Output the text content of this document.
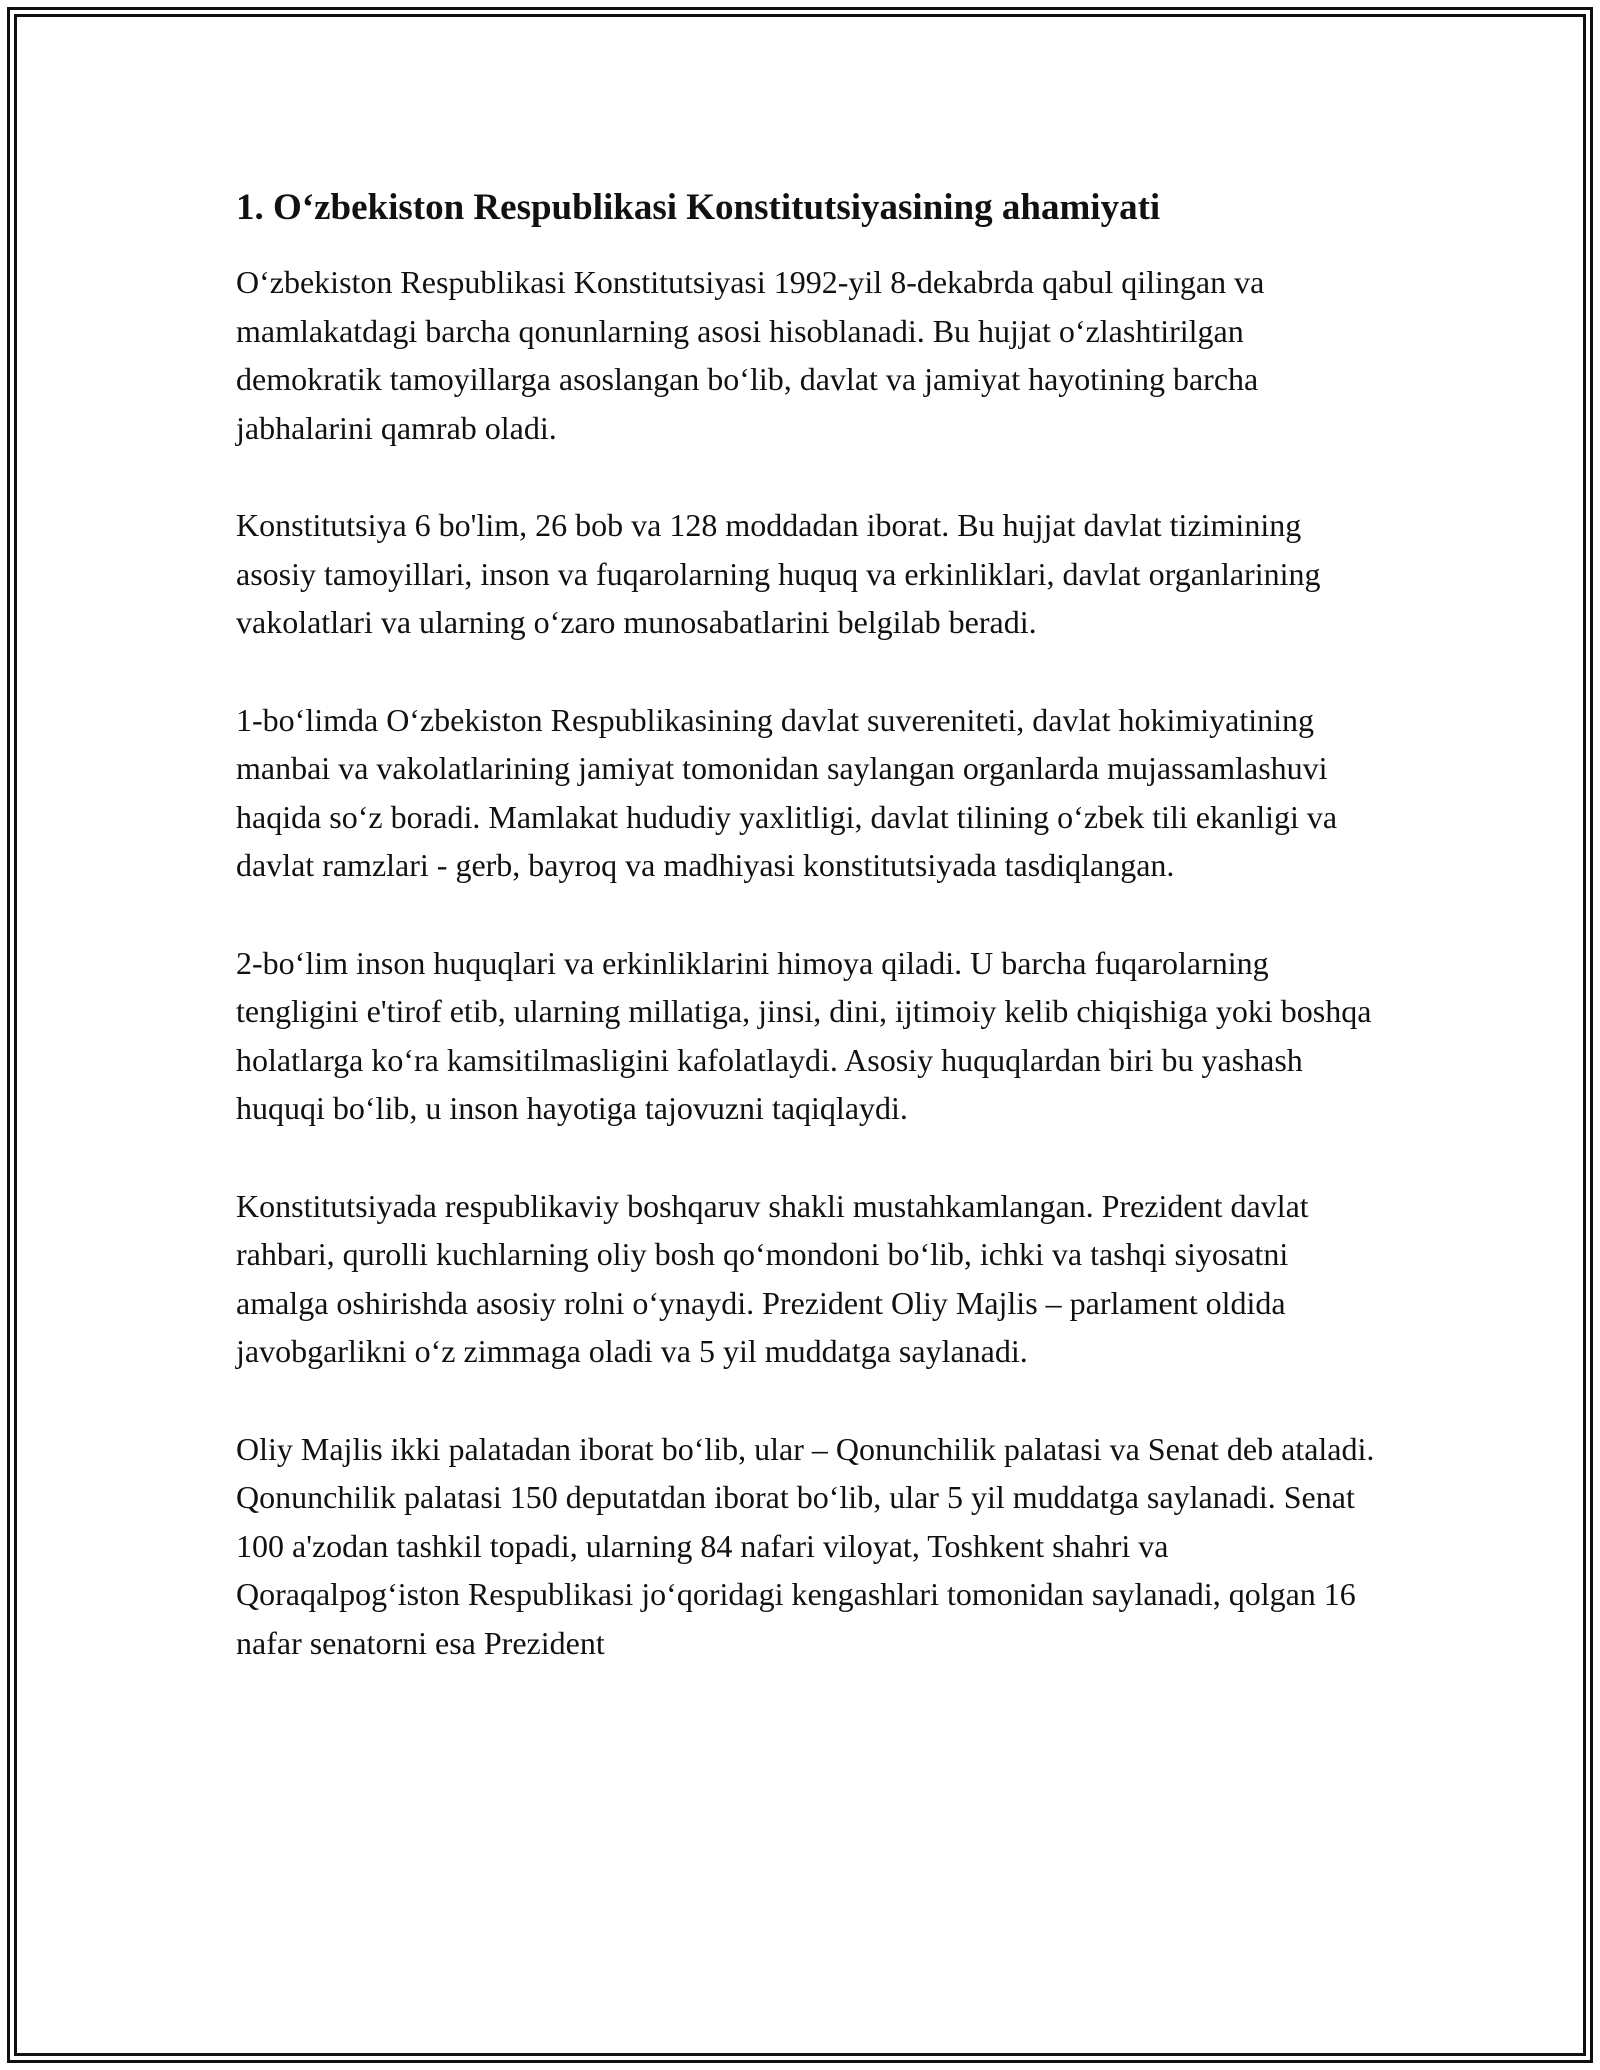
1. O‘zbekiston Respublikasi Konstitutsiyasining ahamiyati

O‘zbekiston Respublikasi Konstitutsiyasi 1992-yil 8-dekabrda qabul qilingan va mamlakatdagi barcha qonunlarning asosi hisoblanadi. Bu hujjat o‘zlashtirilgan demokratik tamoyillarga asoslangan bo‘lib, davlat va jamiyat hayotining barcha jabhalarini qamrab oladi.

Konstitutsiya 6 bo'lim, 26 bob va 128 moddadan iborat. Bu hujjat davlat tizimining asosiy tamoyillari, inson va fuqarolarning huquq va erkinliklari, davlat organlarining vakolatlari va ularning o‘zaro munosabatlarini belgilab beradi.

1-bo‘limda O‘zbekiston Respublikasining davlat suvereniteti, davlat hokimiyatining manbai va vakolatlarining jamiyat tomonidan saylangan organlarda mujassamlashuvi haqida so‘z boradi. Mamlakat hududiy yaxlitligi, davlat tilining o‘zbek tili ekanligi va davlat ramzlari - gerb, bayroq va madhiyasi konstitutsiyada tasdiqlangan.

2-bo‘lim inson huquqlari va erkinliklarini himoya qiladi. U barcha fuqarolarning tengligini e'tirof etib, ularning millatiga, jinsi, dini, ijtimoiy kelib chiqishiga yoki boshqa holatlarga ko‘ra kamsitilmasligini kafolatlaydi. Asosiy huquqlardan biri bu yashash huquqi bo‘lib, u inson hayotiga tajovuzni taqiqlaydi.

Konstitutsiyada respublikaviy boshqaruv shakli mustahkamlangan. Prezident davlat rahbari, qurolli kuchlarning oliy bosh qo‘mondoni bo‘lib, ichki va tashqi siyosatni amalga oshirishda asosiy rolni o‘ynaydi. Prezident Oliy Majlis – parlament oldida javobgarlikni o‘z zimmaga oladi va 5 yil muddatga saylanadi.

Oliy Majlis ikki palatadan iborat bo‘lib, ular – Qonunchilik palatasi va Senat deb ataladi. Qonunchilik palatasi 150 deputatdan iborat bo‘lib, ular 5 yil muddatga saylanadi. Senat 100 a'zodan tashkil topadi, ularning 84 nafari viloyat, Toshkent shahri va Qoraqalpog‘iston Respublikasi jo‘qoridagi kengashlari tomonidan saylanadi, qolgan 16 nafar senatorni esa Prezident
